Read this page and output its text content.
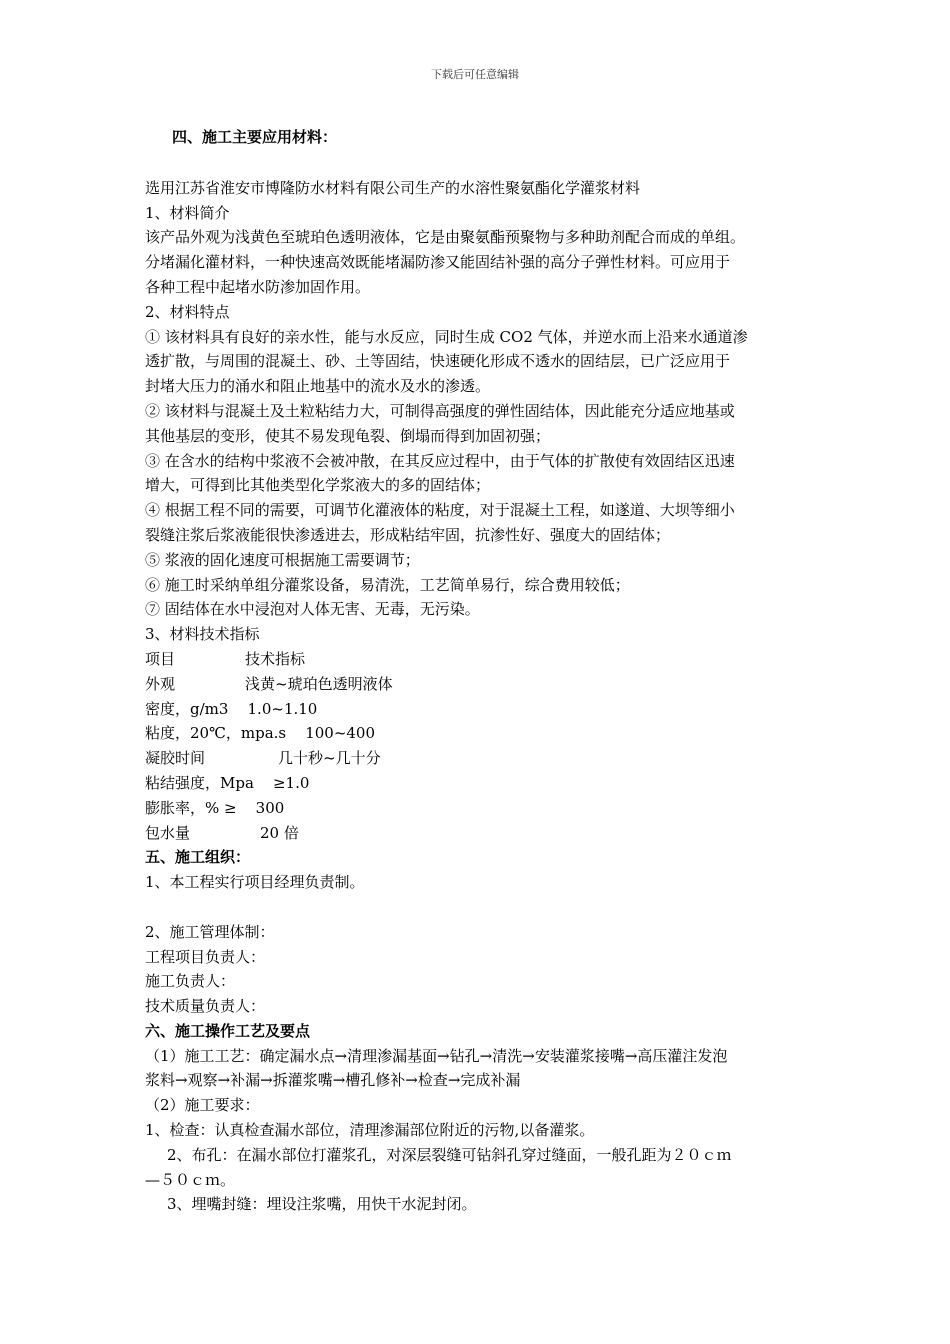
下载后可任意编辑
四、施工主要应用材料：
选用江苏省淮安市博隆防水材料有限公司生产的水溶性聚氨酯化学灌浆材料
1、材料简介
该产品外观为浅黄色至琥珀色透明液体，它是由聚氨酯预聚物与多种助剂配合而成的单组。
分堵漏化灌材料，一种快速高效既能堵漏防渗又能固结补强的高分子弹性材料。可应用于
各种工程中起堵水防渗加固作用。
2、材料特点
① 该材料具有良好的亲水性，能与水反应，同时生成 CO2 气体，并逆水而上沿来水通道渗
透扩散，与周围的混凝土、砂、土等固结，快速硬化形成不透水的固结层，已广泛应用于
封堵大压力的涌水和阻止地基中的流水及水的渗透。
② 该材料与混凝土及土粒粘结力大，可制得高强度的弹性固结体，因此能充分适应地基或
其他基层的变形，使其不易发现龟裂、倒塌而得到加固初强；
③ 在含水的结构中浆液不会被冲散，在其反应过程中，由于气体的扩散使有效固结区迅速
增大，可得到比其他类型化学浆液大的多的固结体；
④ 根据工程不同的需要，可调节化灌液体的粘度，对于混凝土工程，如遂道、大坝等细小
裂缝注浆后浆液能很快渗透进去，形成粘结牢固，抗渗性好、强度大的固结体；
⑤ 浆液的固化速度可根据施工需要调节；
⑥ 施工时采纳单组分灌浆设备，易清洗，工艺简单易行，综合费用较低；
⑦ 固结体在水中浸泡对人体无害、无毒，无污染。
3、材料技术指标
项目	技术指标
外观	浅黄~琥珀色透明液体
密度，g/m3 1.0~1.10
粘度，20℃，mpa.s 100~400
凝胶时间	几十秒~几十分
粘结强度，Mpa ≥1.0
膨胀率，% ≥ 300
包水量	20 倍
五、施工组织：
1、本工程实行项目经理负责制。
2、施工管理体制：
工程项目负责人：
施工负责人：
技术质量负责人：
六、施工操作工艺及要点
（1）施工工艺：确定漏水点→清理渗漏基面→钻孔→清洗→安装灌浆接嘴→高压灌注发泡
浆料→观察→补漏→拆灌浆嘴→槽孔修补→检查→完成补漏
（2）施工要求：
1、检查：认真检查漏水部位，清理渗漏部位附近的污物,以备灌浆。
2、布孔：在漏水部位打灌浆孔，对深层裂缝可钻斜孔穿过缝面，一般孔距为２０ｃｍ
—５０ｃｍ。
3、埋嘴封缝：埋设注浆嘴，用快干水泥封闭。
